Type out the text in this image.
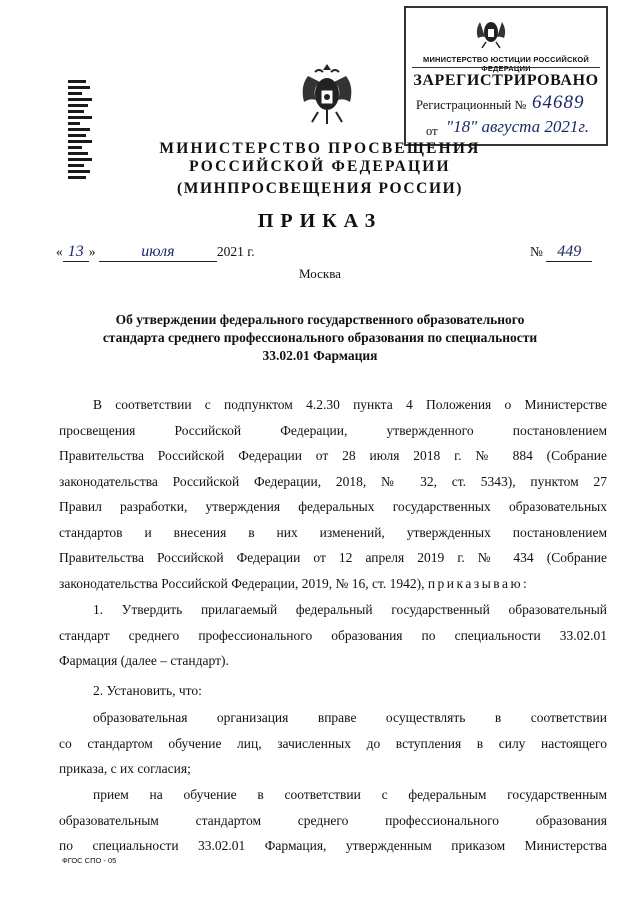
МИНИСТЕРСТВО ЮСТИЦИИ РОССИЙСКОЙ ФЕДЕРАЦИИ
ЗАРЕГИСТРИРОВАНО
Регистрационный № 64689
от "18" августа 2021г.
МИНИСТЕРСТВО ПРОСВЕЩЕНИЯ
РОССИЙСКОЙ ФЕДЕРАЦИИ
(МИНПРОСВЕЩЕНИЯ РОССИИ)
ПРИКАЗ
« 13 »	июля	2021 г.	№ 449
Москва
Об утверждении федерального государственного образовательного
стандарта среднего профессионального образования по специальности
33.02.01 Фармация
В соответствии с подпунктом 4.2.30 пункта 4 Положения о Министерстве
просвещения Российской Федерации, утвержденного постановлением
Правительства Российской Федерации от 28 июля 2018 г. № 884 (Собрание
законодательства Российской Федерации, 2018, № 32, ст. 5343), пунктом 27
Правил разработки, утверждения федеральных государственных образовательных
стандартов и внесения в них изменений, утвержденных постановлением
Правительства Российской Федерации от 12 апреля 2019 г. № 434 (Собрание
законодательства Российской Федерации, 2019, № 16, ст. 1942), приказываю:
1. Утвердить прилагаемый федеральный государственный образовательный
стандарт среднего профессионального образования по специальности 33.02.01
Фармация (далее – стандарт).
2. Установить, что:
образовательная организация вправе осуществлять в соответствии
со стандартом обучение лиц, зачисленных до вступления в силу настоящего
приказа, с их согласия;
прием на обучение в соответствии с федеральным государственным
образовательным стандартом среднего профессионального образования
по специальности 33.02.01 Фармация, утвержденным приказом Министерства
ФГОС СПО - 05
